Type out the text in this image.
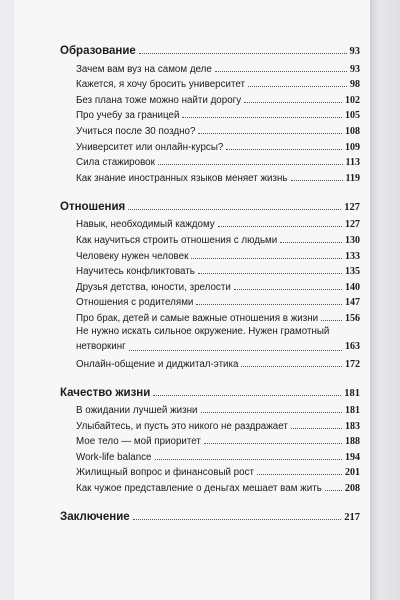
Образование	93
Зачем вам вуз на самом деле	93
Кажется, я хочу бросить университет	98
Без плана тоже можно найти дорогу	102
Про учебу за границей	105
Учиться после 30 поздно?	108
Университет или онлайн-курсы?	109
Сила стажировок	113
Как знание иностранных языков меняет жизнь	119
Отношения	127
Навык, необходимый каждому	127
Как научиться строить отношения с людьми	130
Человеку нужен человек	133
Научитесь конфликтовать	135
Друзья детства, юности, зрелости	140
Отношения с родителями	147
Про брак, детей и самые важные отношения в жизни	156
Не нужно искать сильное окружение. Нужен грамотный
нетворкинг	163
Онлайн-общение и диджитал-этика	172
Качество жизни	181
В ожидании лучшей жизни	181
Улыбайтесь, и пусть это никого не раздражает	183
Мое тело — мой приоритет	188
Work-life balance	194
Жилищный вопрос и финансовый рост	201
Как чужое представление о деньгах мешает вам жить 208
Заключение	217
